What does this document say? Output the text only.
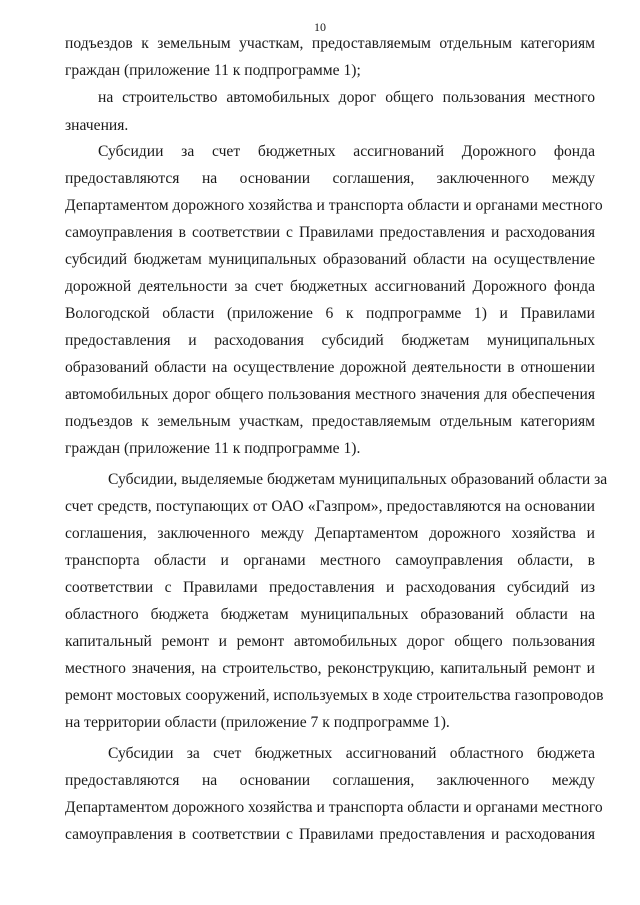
10
подъездов к земельным участкам, предоставляемым отдельным категориям
граждан (приложение 11 к подпрограмме 1);
на строительство автомобильных дорог общего пользования местного
значения.
Субсидии за счет бюджетных ассигнований Дорожного фонда
предоставляются на основании соглашения, заключенного между
Департаментом дорожного хозяйства и транспорта области и органами местного
самоуправления в соответствии с Правилами предоставления и расходования
субсидий бюджетам муниципальных образований области на осуществление
дорожной деятельности за счет бюджетных ассигнований Дорожного фонда
Вологодской области (приложение 6 к подпрограмме 1) и Правилами
предоставления и расходования субсидий бюджетам муниципальных
образований области на осуществление дорожной деятельности в отношении
автомобильных дорог общего пользования местного значения для обеспечения
подъездов к земельным участкам, предоставляемым отдельным категориям
граждан (приложение 11 к подпрограмме 1).
Субсидии, выделяемые бюджетам муниципальных образований области за
счет средств, поступающих от ОАО «Газпром», предоставляются на основании
соглашения, заключенного между Департаментом дорожного хозяйства и
транспорта области и органами местного самоуправления области, в
соответствии с Правилами предоставления и расходования субсидий из
областного бюджета бюджетам муниципальных образований области на
капитальный ремонт и ремонт автомобильных дорог общего пользования
местного значения, на строительство, реконструкцию, капитальный ремонт и
ремонт мостовых сооружений, используемых в ходе строительства газопроводов
на территории области (приложение 7 к подпрограмме 1).
Субсидии за счет бюджетных ассигнований областного бюджета
предоставляются на основании соглашения, заключенного между
Департаментом дорожного хозяйства и транспорта области и органами местного
самоуправления в соответствии с Правилами предоставления и расходования
